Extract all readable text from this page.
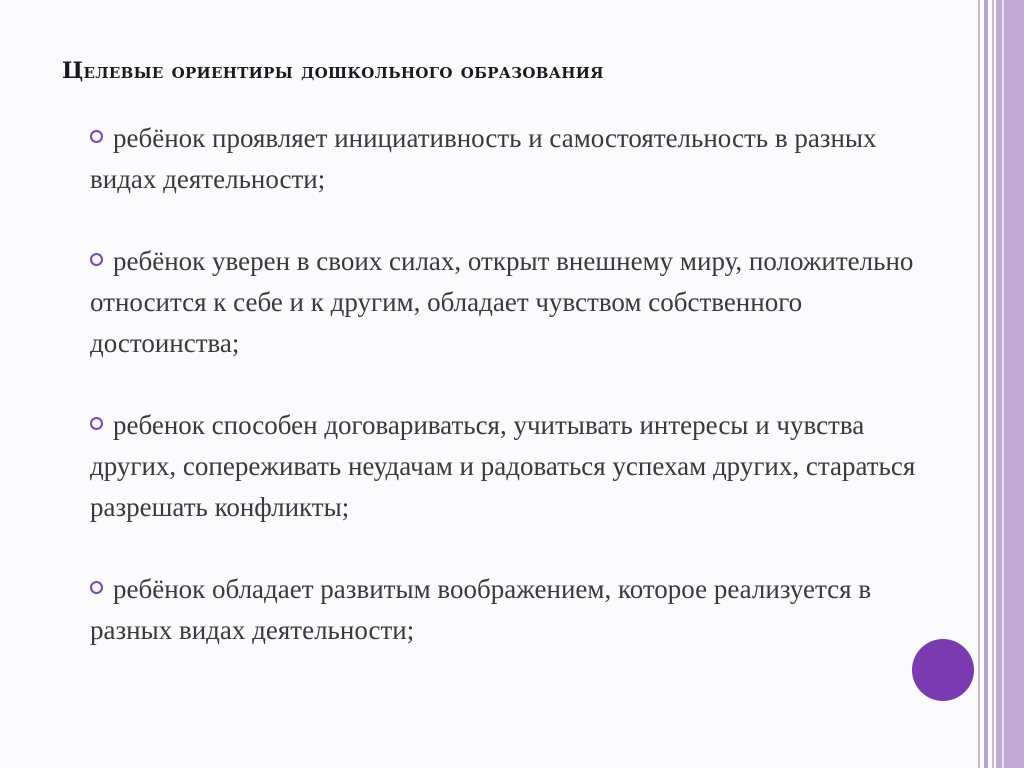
Целевые ориентиры дошкольного образования
ребёнок проявляет инициативность и самостоятельность в разных видах деятельности;
ребёнок уверен в своих силах, открыт внешнему миру, положительно относится к себе и к другим, обладает чувством собственного достоинства;
ребенок способен договариваться, учитывать интересы и чувства других, сопереживать неудачам и радоваться успехам других, стараться разрешать конфликты;
ребёнок обладает развитым воображением, которое реализуется в разных видах деятельности;
